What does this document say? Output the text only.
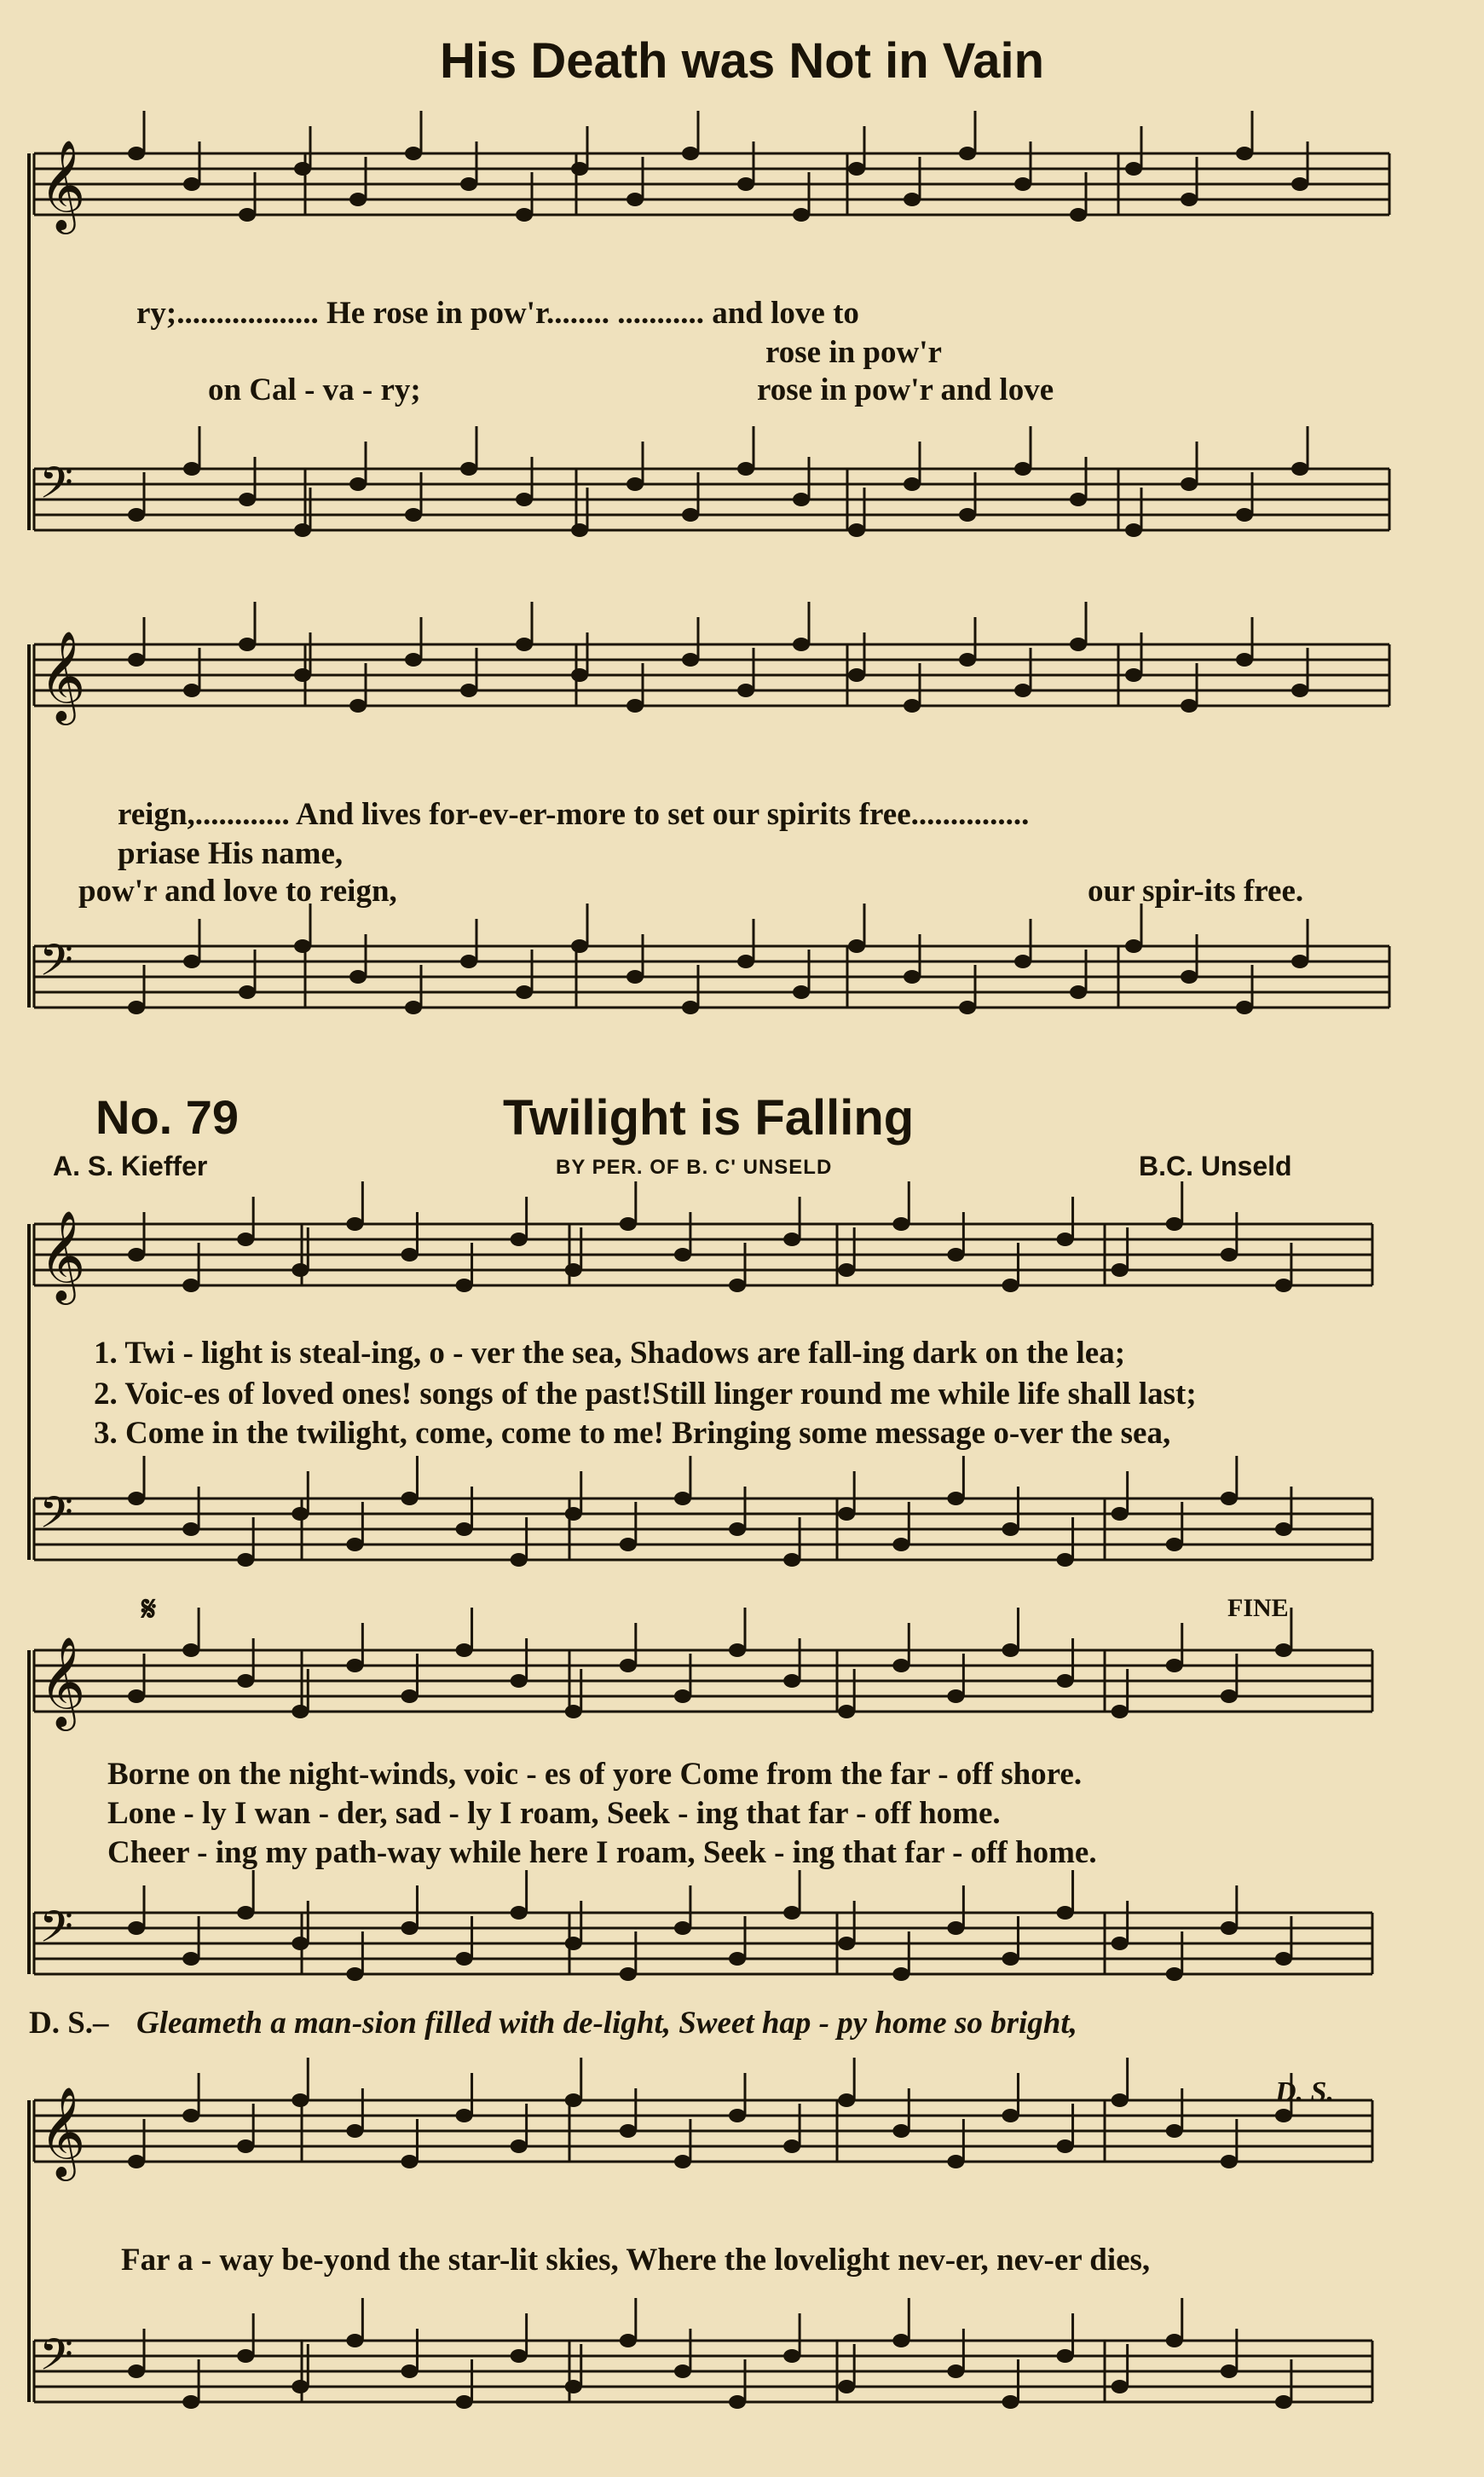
𝄞
𝄢
𝄞
𝄢
𝄞
𝄢
𝄞
𝄢
𝄞
𝄢
His Death was Not in Vain
No. 79	Twilight is Falling
A. S. Kieffer	BY PER. OF B. C' UNSELD	B.C. Unseld
ry;.................. He rose in pow'r........ ........... and love to
rose in pow'r
on Cal - va - ry;	rose in pow'r and love
reign,............ And lives for-ev-er-more to set our spirits free...............
priase His name,
pow'r and love to reign,	our spir-its free.
1. Twi - light is steal-ing, o - ver the sea, Shadows are fall-ing dark on the lea;
2. Voic-es of loved ones! songs of the past!Still linger round me while life shall last;
3. Come in the twilight, come, come to me! Bringing some message o-ver the sea,
𝄋	FINE
Borne on the night-winds, voic - es of yore Come from the far - off shore.
Lone - ly I wan - der, sad - ly I roam, Seek - ing that far - off home.
Cheer - ing my path-way while here I roam, Seek - ing that far - off home.
D. S.– Gleameth a man-sion filled with de-light, Sweet hap - py home so bright,
D. S.
Far a - way be-yond the star-lit skies, Where the lovelight nev-er, nev-er dies,
